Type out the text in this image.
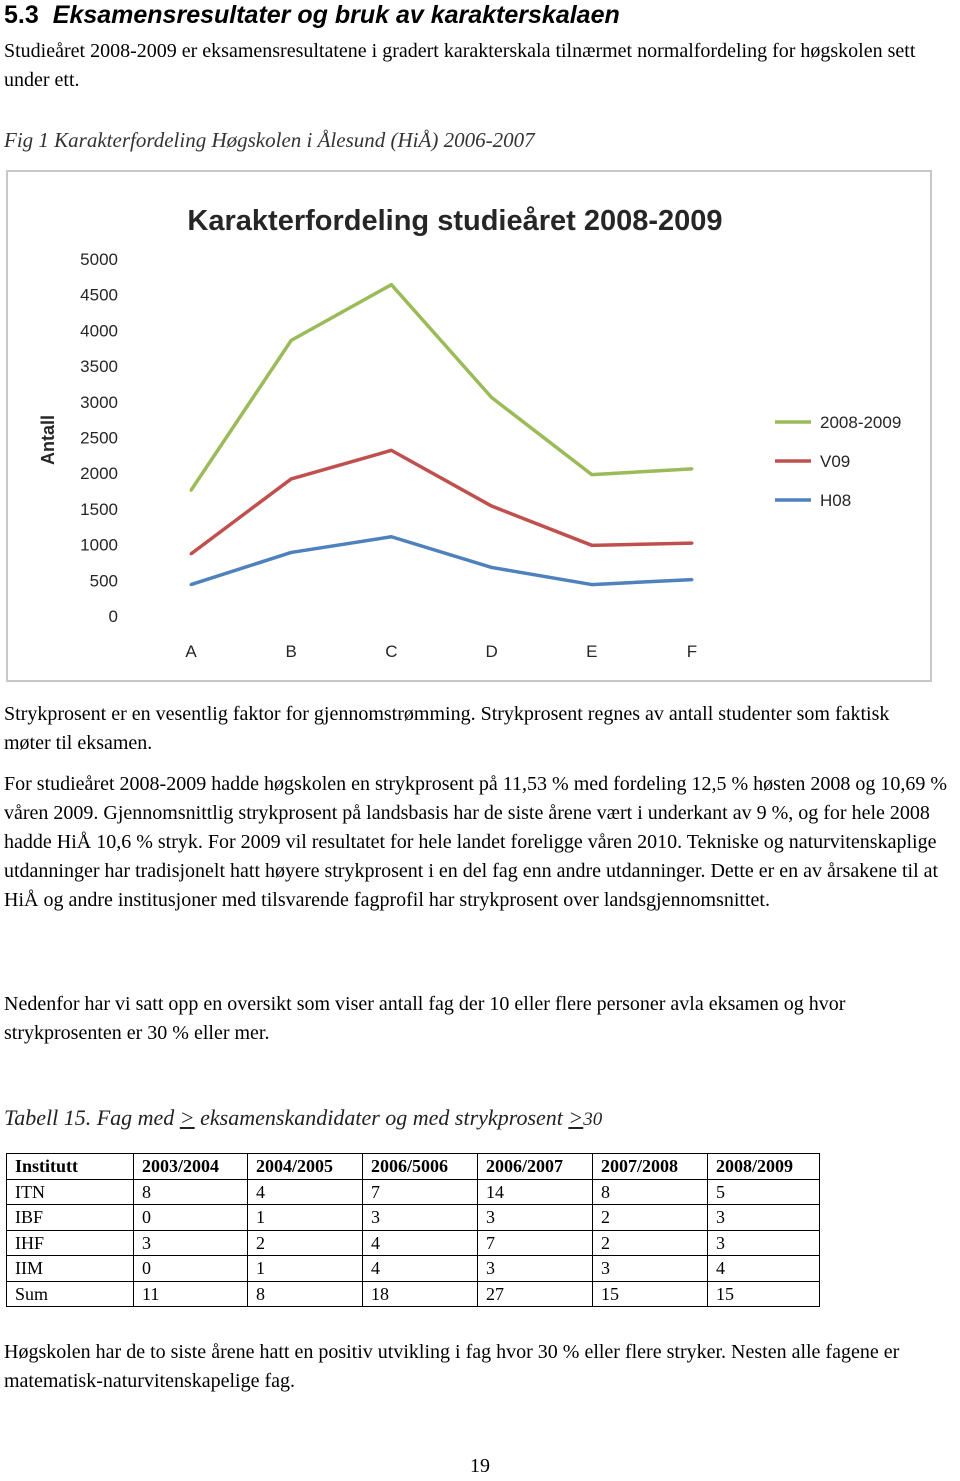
5.3 Eksamensresultater og bruk av karakterskalaen
Studieåret 2008-2009 er eksamensresultatene i gradert karakterskala tilnærmet normalfordeling for høgskolen sett under ett.
Fig 1 Karakterfordeling Høgskolen i Ålesund (HiÅ) 2006-2007
Karakterfordeling studieåret 2008-2009
Antall
0
500
1000
1500
2000
2500
3000
3500
4000
4500
5000
A	B	C	D	E	F
2008-2009
V09
H08
Strykprosent er en vesentlig faktor for gjennomstrømming. Strykprosent regnes av antall studenter som faktisk møter til eksamen.
For studieåret 2008-2009 hadde høgskolen en strykprosent på 11,53 % med fordeling 12,5 % høsten 2008 og 10,69 % våren 2009. Gjennomsnittlig strykprosent på landsbasis har de siste årene vært i underkant av 9 %, og for hele 2008 hadde HiÅ 10,6 % stryk. For 2009 vil resultatet for hele landet foreligge våren 2010. Tekniske og naturvitenskaplige utdanninger har tradisjonelt hatt høyere strykprosent i en del fag enn andre utdanninger. Dette er en av årsakene til at HiÅ og andre institusjoner med tilsvarende fagprofil har strykprosent over landsgjennomsnittet.
Nedenfor har vi satt opp en oversikt som viser antall fag der 10 eller flere personer avla eksamen og hvor strykprosenten er 30 % eller mer.
Tabell 15. Fag med > eksamenskandidater og med strykprosent >30
Institutt	2003/2004	2004/2005	2006/5006	2006/2007	2007/2008	2008/2009
ITN	8	4	7	14	8	5
IBF	0	1	3	3	2	3
IHF	3	2	4	7	2	3
IIM	0	1	4	3	3	4
Sum	11	8	18	27	15	15
Høgskolen har de to siste årene hatt en positiv utvikling i fag hvor 30 % eller flere stryker. Nesten alle fagene er matematisk-naturvitenskapelige fag.
19
